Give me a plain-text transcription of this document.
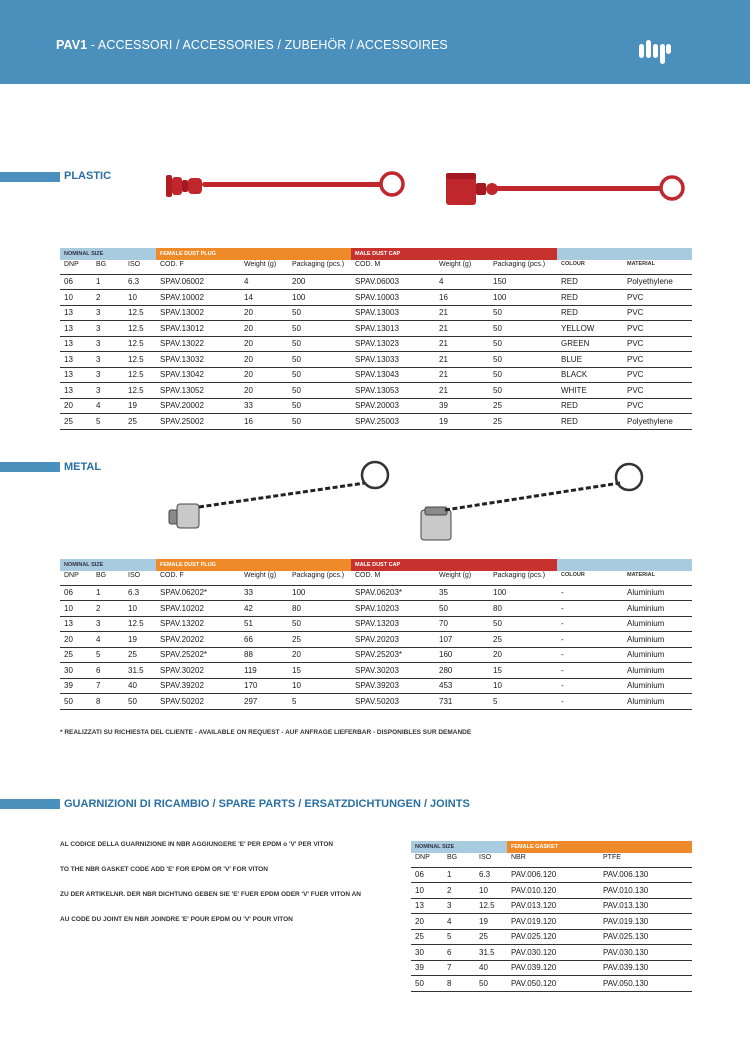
PAV1 - ACCESSORI / ACCESSORIES / ZUBEHÖR / ACCESSOIRES
PLASTIC
NOMINAL SIZE			FEMALE DUST PLUG			MALE DUST CAP				
DNP	BG	ISO	COD. F	Weight (g)	Packaging (pcs.)	COD. M	Weight (g)	Packaging (pcs.)	COLOUR	MATERIAL
06	1	6.3	SPAV.06002	4	200	SPAV.06003	4	150	RED	Polyethylene
10	2	10	SPAV.10002	14	100	SPAV.10003	16	100	RED	PVC
13	3	12.5	SPAV.13002	20	50	SPAV.13003	21	50	RED	PVC
13	3	12.5	SPAV.13012	20	50	SPAV.13013	21	50	YELLOW	PVC
13	3	12.5	SPAV.13022	20	50	SPAV.13023	21	50	GREEN	PVC
13	3	12.5	SPAV.13032	20	50	SPAV.13033	21	50	BLUE	PVC
13	3	12.5	SPAV.13042	20	50	SPAV.13043	21	50	BLACK	PVC
13	3	12.5	SPAV.13052	20	50	SPAV.13053	21	50	WHITE	PVC
20	4	19	SPAV.20002	33	50	SPAV.20003	39	25	RED	PVC
25	5	25	SPAV.25002	16	50	SPAV.25003	19	25	RED	Polyethylene
METAL
NOMINAL SIZE			FEMALE DUST PLUG			MALE DUST CAP				
DNP	BG	ISO	COD. F	Weight (g)	Packaging (pcs.)	COD. M	Weight (g)	Packaging (pcs.)	COLOUR	MATERIAL
06	1	6.3	SPAV.06202*	33	100	SPAV.06203*	35	100	-	Aluminium
10	2	10	SPAV.10202	42	80	SPAV.10203	50	80	-	Aluminium
13	3	12.5	SPAV.13202	51	50	SPAV.13203	70	50	-	Aluminium
20	4	19	SPAV.20202	66	25	SPAV.20203	107	25	-	Aluminium
25	5	25	SPAV.25202*	88	20	SPAV.25203*	160	20	-	Aluminium
30	6	31.5	SPAV.30202	119	15	SPAV.30203	280	15	-	Aluminium
39	7	40	SPAV.39202	170	10	SPAV.39203	453	10	-	Aluminium
50	8	50	SPAV.50202	297	5	SPAV.50203	731	5	-	Aluminium
* REALIZZATI SU RICHIESTA DEL CLIENTE - AVAILABLE ON REQUEST - AUF ANFRAGE LIEFERBAR - DISPONIBLES SUR DEMANDE
GUARNIZIONI DI RICAMBIO / SPARE PARTS / ERSATZDICHTUNGEN / JOINTS
AL CODICE DELLA GUARNIZIONE IN NBR AGGIUNGERE 'E' PER EPDM o 'V' PER VITON
TO THE NBR GASKET CODE ADD 'E' FOR EPDM OR 'V' FOR VITON
ZU DER ARTIKELNR. DER NBR DICHTUNG GEBEN SIE 'E' FUER EPDM ODER 'V' FUER VITON AN
AU CODE DU JOINT EN NBR JOINDRE 'E' POUR EPDM OU 'V' POUR VITON
NOMINAL SIZE			FEMALE GASKET	
DNP	BG	ISO	NBR	PTFE
06	1	6.3	PAV.006.120	PAV.006.130
10	2	10	PAV.010.120	PAV.010.130
13	3	12.5	PAV.013.120	PAV.013.130
20	4	19	PAV.019.120	PAV.019.130
25	5	25	PAV.025.120	PAV.025.130
30	6	31.5	PAV.030.120	PAV.030.130
39	7	40	PAV.039.120	PAV.039.130
50	8	50	PAV.050.120	PAV.050.130
